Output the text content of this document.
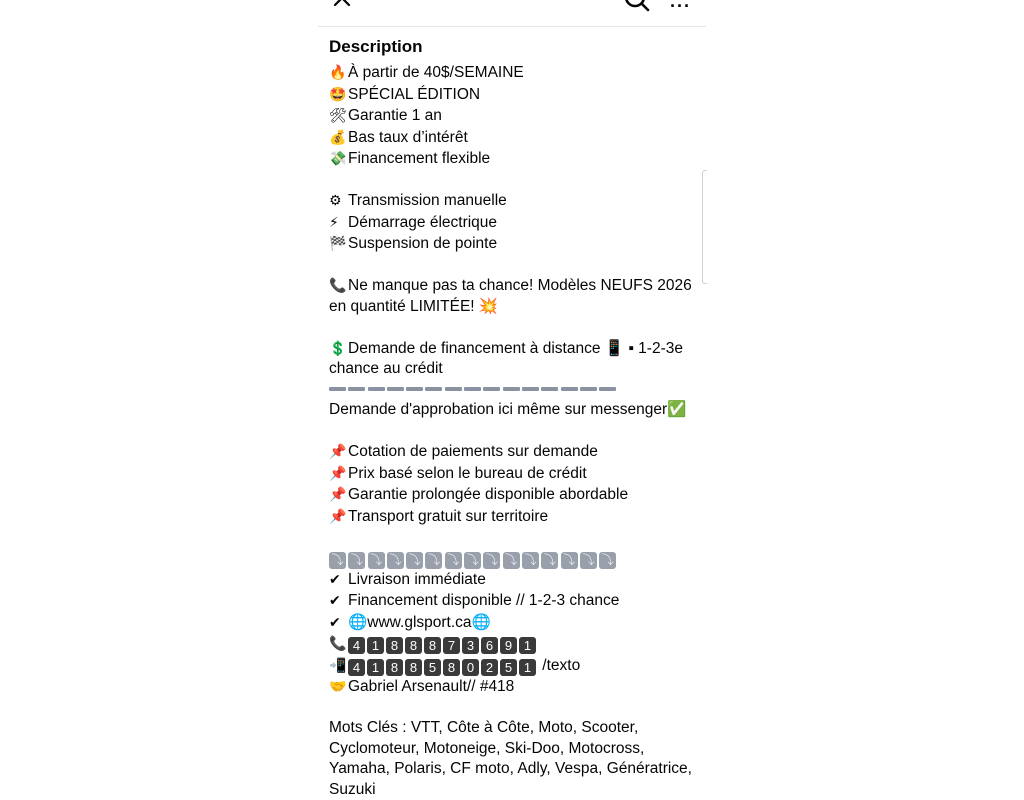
···
Description
🔥 À partir de 40$/SEMAINE
🤩 SPÉCIAL ÉDITION
🛠Garantie 1 an
💰 Bas taux d’intérêt
💸 Financement flexible
⚙ Transmission manuelle
⚡ Démarrage électrique
🏁 Suspension de pointe
📞 Ne manque pas ta chance! Modèles NEUFS 2026 en quantité LIMITÉE! 💥
💲 Demande de financement à distance 📱 ▪ 1-2-3e chance au crédit
Demande d'approbation ici même sur messenger✅
📌 Cotation de paiements sur demande
📌 Prix basé selon le bureau de crédit
📌 Garantie prolongée disponible abordable
📌 Transport gratuit sur territoire
⤵ ⤵ ⤵ ⤵ ⤵ ⤵ ⤵ ⤵ ⤵ ⤵ ⤵ ⤵ ⤵ ⤵ ⤵
✔ Livraison immédiate
✔ Financement disponible // 1-2-3 chance
✔ 🌐www.glsport.ca🌐
📞 4 1 8 8 8 7 3 6 9 1
📲 4 1 8 8 5 8 0 2 5 1 /texto
🤝 Gabriel Arsenault// #418
Mots Clés : VTT, Côte à Côte, Moto, Scooter, Cyclomoteur, Motoneige, Ski-Doo, Motocross, Yamaha, Polaris, CF moto, Adly, Vespa, Génératrice, Suzuki
